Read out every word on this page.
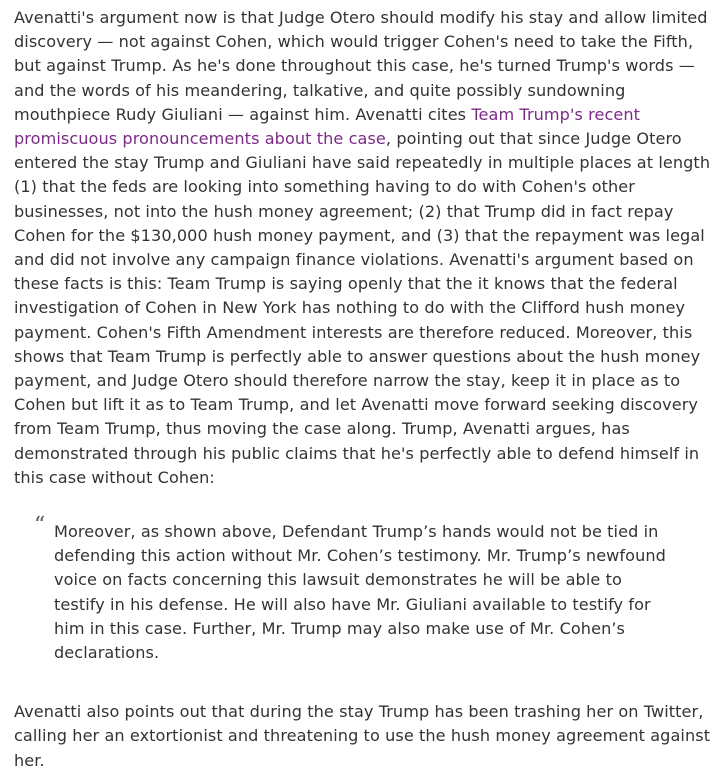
Avenatti's argument now is that Judge Otero should modify his stay and allow limited discovery — not against Cohen, which would trigger Cohen's need to take the Fifth, but against Trump. As he's done throughout this case, he's turned Trump's words — and the words of his meandering, talkative, and quite possibly sundowning mouthpiece Rudy Giuliani — against him. Avenatti cites Team Trump's recent promiscuous pronouncements about the case, pointing out that since Judge Otero entered the stay Trump and Giuliani have said repeatedly in multiple places at length (1) that the feds are looking into something having to do with Cohen's other businesses, not into the hush money agreement; (2) that Trump did in fact repay Cohen for the $130,000 hush money payment, and (3) that the repayment was legal and did not involve any campaign finance violations. Avenatti's argument based on these facts is this: Team Trump is saying openly that the it knows that the federal investigation of Cohen in New York has nothing to do with the Clifford hush money payment. Cohen's Fifth Amendment interests are therefore reduced. Moreover, this shows that Team Trump is perfectly able to answer questions about the hush money payment, and Judge Otero should therefore narrow the stay, keep it in place as to Cohen but lift it as to Team Trump, and let Avenatti move forward seeking discovery from Team Trump, thus moving the case along. Trump, Avenatti argues, has demonstrated through his public claims that he's perfectly able to defend himself in this case without Cohen:

“ Moreover, as shown above, Defendant Trump’s hands would not be tied in defending this action without Mr. Cohen’s testimony. Mr. Trump’s newfound voice on facts concerning this lawsuit demonstrates he will be able to testify in his defense. He will also have Mr. Giuliani available to testify for him in this case. Further, Mr. Trump may also make use of Mr. Cohen’s declarations.

Avenatti also points out that during the stay Trump has been trashing her on Twitter, calling her an extortionist and threatening to use the hush money agreement against her.
